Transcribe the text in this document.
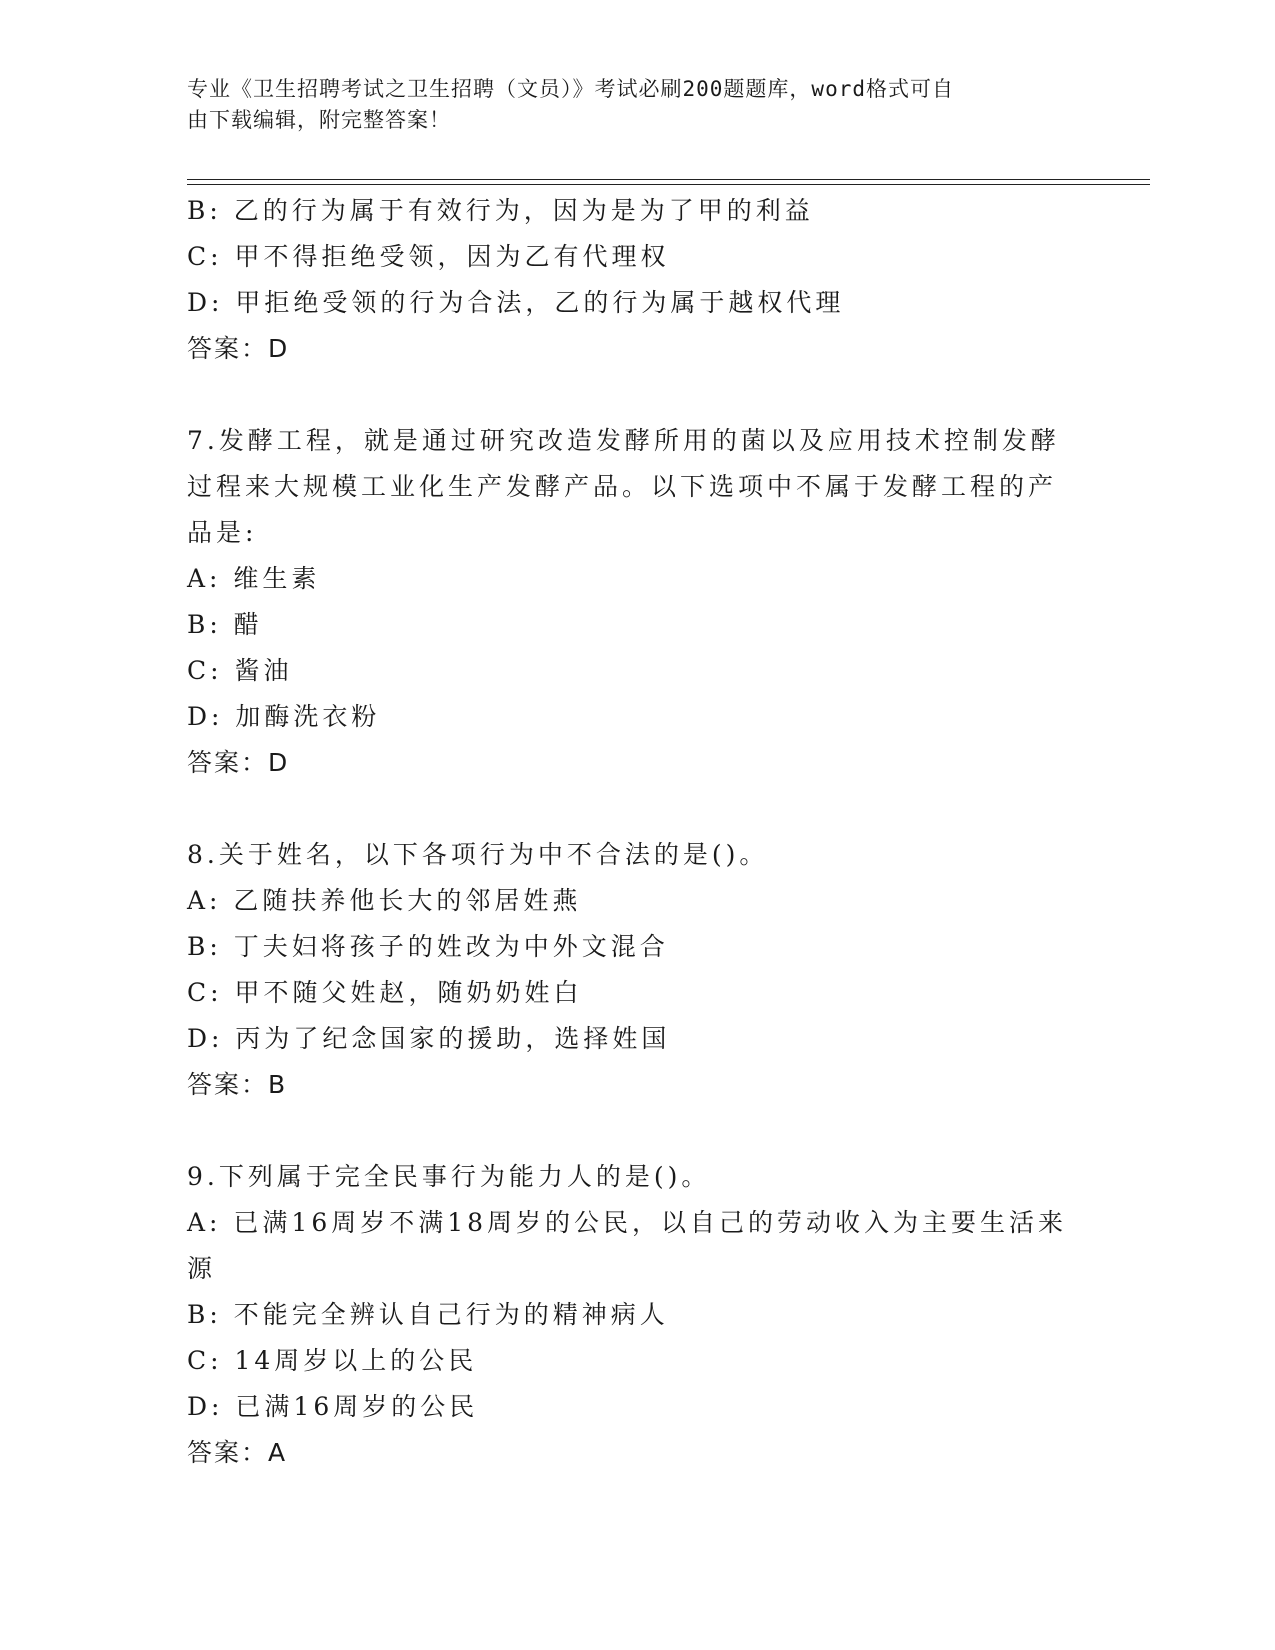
专业《卫生招聘考试之卫生招聘（文员）》考试必刷200题题库，word格式可自
由下载编辑，附完整答案！
B: 乙的行为属于有效行为，因为是为了甲的利益
C: 甲不得拒绝受领，因为乙有代理权
D: 甲拒绝受领的行为合法，乙的行为属于越权代理
答案：D
7.发酵工程，就是通过研究改造发酵所用的菌以及应用技术控制发酵
过程来大规模工业化生产发酵产品。以下选项中不属于发酵工程的产
品是:
A: 维生素
B: 醋
C: 酱油
D: 加酶洗衣粉
答案：D
8.关于姓名，以下各项行为中不合法的是()。
A: 乙随扶养他长大的邻居姓燕
B: 丁夫妇将孩子的姓改为中外文混合
C: 甲不随父姓赵，随奶奶姓白
D: 丙为了纪念国家的援助，选择姓国
答案：B
9.下列属于完全民事行为能力人的是()。
A: 已满16周岁不满18周岁的公民，以自己的劳动收入为主要生活来
源
B: 不能完全辨认自己行为的精神病人
C: 14周岁以上的公民
D: 已满16周岁的公民
答案：A
